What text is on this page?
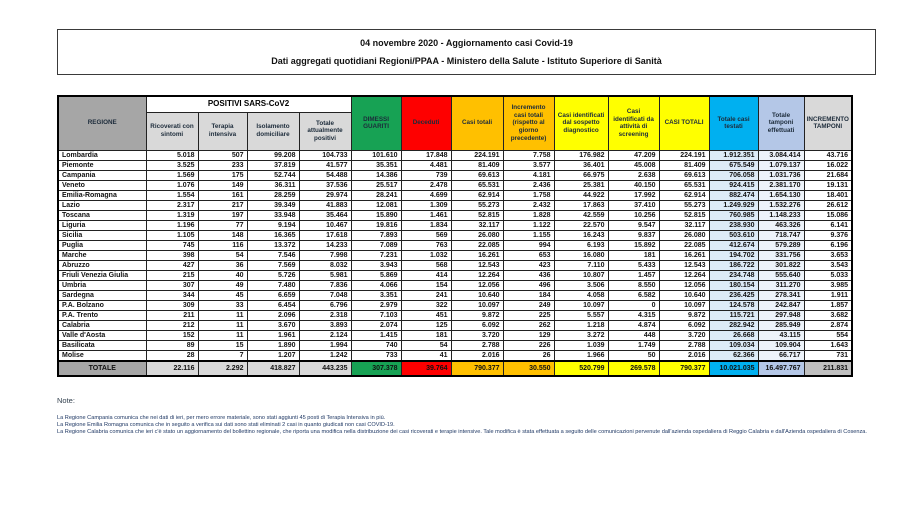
04 novembre 2020 - Aggiornamento casi Covid-19
Dati aggregati quotidiani Regioni/PPAA - Ministero della Salute - Istituto Superiore di Sanità
REGIONE	POSITIVI SARS-CoV2				DIMESSI GUARITI	Deceduti	Casi totali	Incremento casi totali (rispetto al giorno precedente)	Casi identificati dal sospetto diagnostico	Casi identificati da attività di screening	CASI TOTALI	Totale casi testati	Totale tamponi effettuati	INCREMENTO TAMPONI
	Ricoverati con sintomi	Terapia intensiva	Isolamento domiciliare	Totale attualmente positivi										
Lombardia	5.018	507	99.208	104.733	101.610	17.848	224.191	7.758	176.982	47.209	224.191	1.912.351	3.084.414	43.716
Piemonte	3.525	233	37.819	41.577	35.351	4.481	81.409	3.577	36.401	45.008	81.409	675.549	1.079.137	16.022
Campania	1.569	175	52.744	54.488	14.386	739	69.613	4.181	66.975	2.638	69.613	706.058	1.031.736	21.684
Veneto	1.076	149	36.311	37.536	25.517	2.478	65.531	2.436	25.381	40.150	65.531	924.415	2.381.170	19.131
Emilia-Romagna	1.554	161	28.259	29.974	28.241	4.699	62.914	1.758	44.922	17.992	62.914	882.474	1.654.130	18.401
Lazio	2.317	217	39.349	41.883	12.081	1.309	55.273	2.432	17.863	37.410	55.273	1.249.929	1.532.276	26.612
Toscana	1.319	197	33.948	35.464	15.890	1.461	52.815	1.828	42.559	10.256	52.815	760.985	1.148.233	15.086
Liguria	1.196	77	9.194	10.467	19.816	1.834	32.117	1.122	22.570	9.547	32.117	238.930	463.326	6.141
Sicilia	1.105	148	16.365	17.618	7.893	569	26.080	1.155	16.243	9.837	26.080	503.610	718.747	9.376
Puglia	745	116	13.372	14.233	7.089	763	22.085	994	6.193	15.892	22.085	412.674	579.289	6.196
Marche	398	54	7.546	7.998	7.231	1.032	16.261	653	16.080	181	16.261	194.702	331.756	3.653
Abruzzo	427	36	7.569	8.032	3.943	568	12.543	423	7.110	5.433	12.543	186.722	301.822	3.543
Friuli Venezia Giulia	215	40	5.726	5.981	5.869	414	12.264	436	10.807	1.457	12.264	234.748	555.640	5.033
Umbria	307	49	7.480	7.836	4.066	154	12.056	496	3.506	8.550	12.056	180.154	311.270	3.985
Sardegna	344	45	6.659	7.048	3.351	241	10.640	184	4.058	6.582	10.640	236.425	278.341	1.911
P.A. Bolzano	309	33	6.454	6.796	2.979	322	10.097	249	10.097	0	10.097	124.578	242.847	1.857
P.A. Trento	211	11	2.096	2.318	7.103	451	9.872	225	5.557	4.315	9.872	115.721	297.948	3.682
Calabria	212	11	3.670	3.893	2.074	125	6.092	262	1.218	4.874	6.092	282.942	285.949	2.874
Valle d'Aosta	152	11	1.961	2.124	1.415	181	3.720	129	3.272	448	3.720	26.668	43.115	554
Basilicata	89	15	1.890	1.994	740	54	2.788	226	1.039	1.749	2.788	109.034	109.904	1.643
Molise	28	7	1.207	1.242	733	41	2.016	26	1.966	50	2.016	62.366	66.717	731
TOTALE	22.116	2.292	418.827	443.235	307.378	39.764	790.377	30.550	520.799	269.578	790.377	10.021.035	16.497.767	211.831
Note:
La Regione Campania comunica che nei dati di ieri, per mero errore materiale, sono stati aggiunti 45 posti di Terapia Intensiva in più.
La Regione Emilia Romagna comunica che in seguito a verifica sui dati sono stati eliminati 2 casi in quanto giudicati non casi COVID-19.
La Regione Calabria comunica che ieri c'è stato un aggiornamento del bollettino regionale, che riporta una modifica nella distribuzione dei casi ricoverati e terapie intensive. Tale modifica è stata effettuata a seguito delle comunicazioni pervenute dall'azienda ospedaliera di Reggio Calabria e dall'Azienda ospedaliera di Cosenza.
